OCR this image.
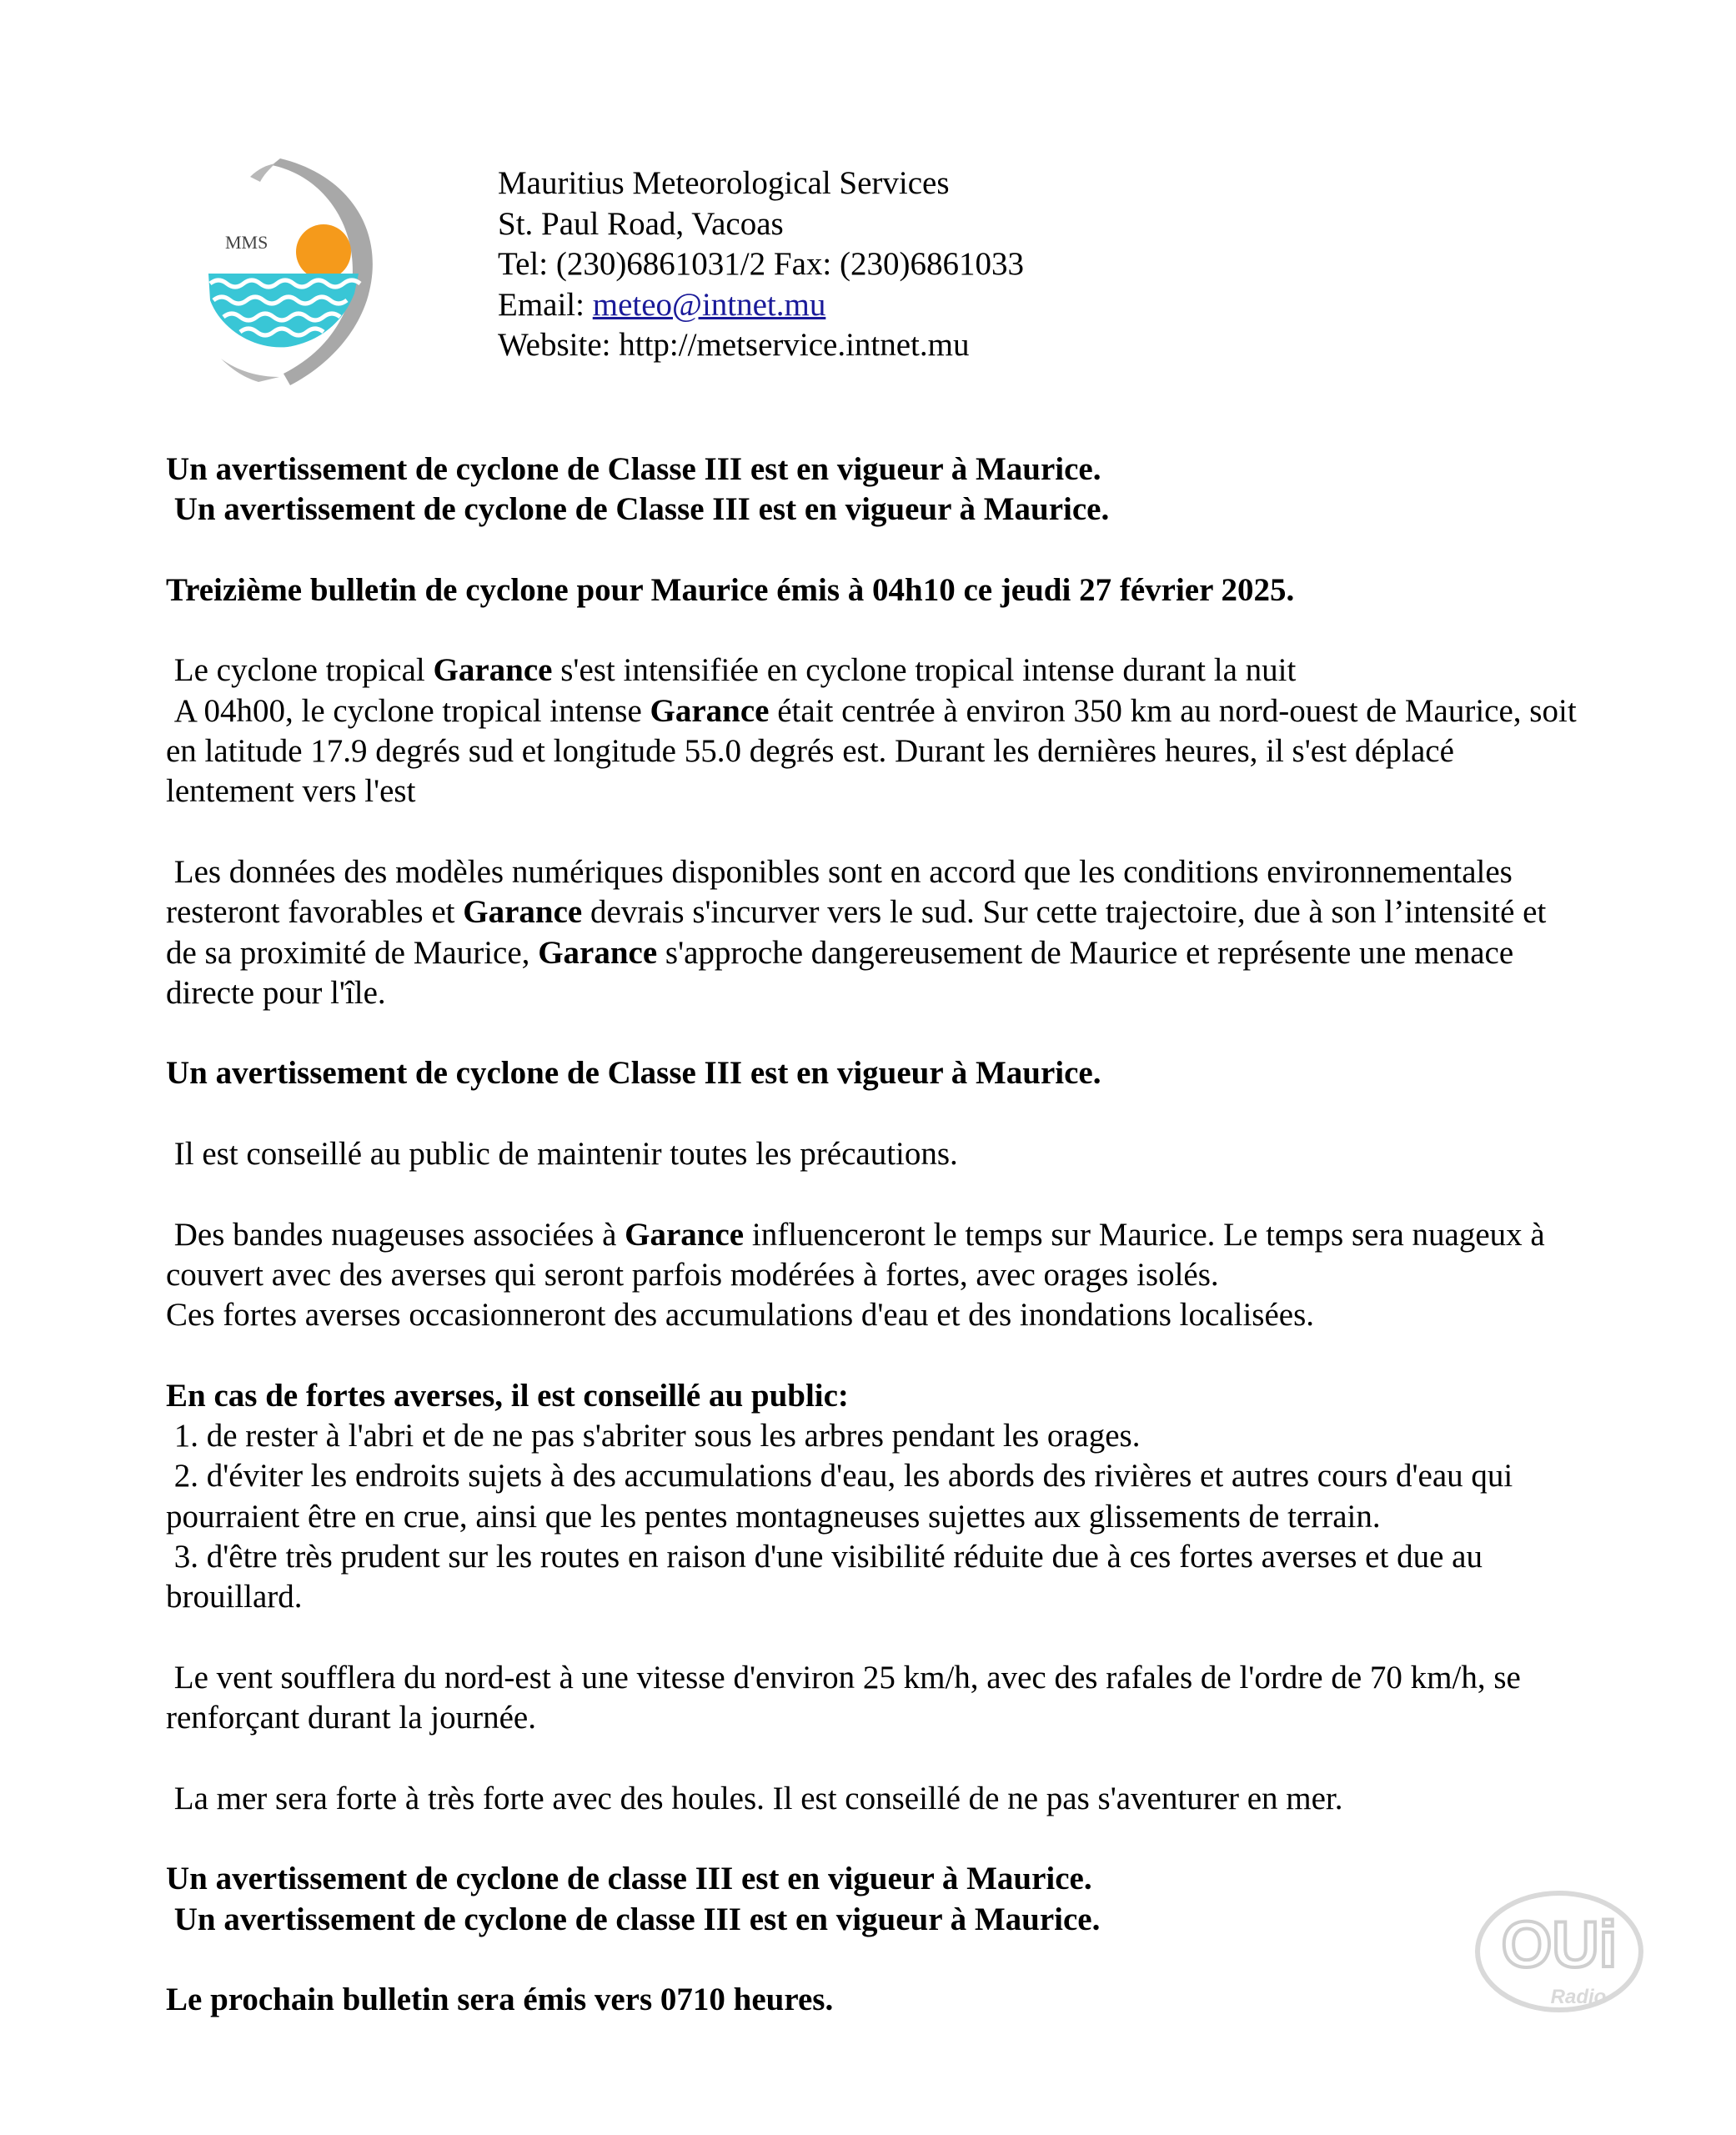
MMS
Mauritius Meteorological Services
St. Paul Road, Vacoas
Tel: (230)6861031/2 Fax: (230)6861033
Email: meteo@intnet.mu
Website: http://metservice.intnet.mu

Un avertissement de cyclone de Classe III est en vigueur à Maurice.

Un avertissement de cyclone de Classe III est en vigueur à Maurice.

Treizième bulletin de cyclone pour Maurice émis à 04h10 ce jeudi 27 février 2025.

Le cyclone tropical Garance s'est intensifiée en cyclone tropical intense durant la nuit
A 04h00, le cyclone tropical intense Garance était centrée à environ 350 km au nord-ouest de Maurice, soit en latitude 17.9 degrés sud et longitude 55.0 degrés est. Durant les dernières heures, il s'est déplacé lentement vers l'est

Les données des modèles numériques disponibles sont en accord que les conditions environnementales resteront favorables et Garance devrais s'incurver vers le sud. Sur cette trajectoire, due à son l’intensité et de sa proximité de Maurice, Garance s'approche dangereusement de Maurice et représente une menace directe pour l'île.

Un avertissement de cyclone de Classe III est en vigueur à Maurice.

Il est conseillé au public de maintenir toutes les précautions.

Des bandes nuageuses associées à Garance influenceront le temps sur Maurice. Le temps sera nuageux à couvert avec des averses qui seront parfois modérées à fortes, avec orages isolés.
Ces fortes averses occasionneront des accumulations d'eau et des inondations localisées.

En cas de fortes averses, il est conseillé au public:

1. de rester à l'abri et de ne pas s'abriter sous les arbres pendant les orages.

2. d'éviter les endroits sujets à des accumulations d'eau, les abords des rivières et autres cours d'eau qui pourraient être en crue, ainsi que les pentes montagneuses sujettes aux glissements de terrain.

3. d'être très prudent sur les routes en raison d'une visibilité réduite due à ces fortes averses et due au brouillard.

Le vent soufflera du nord-est à une vitesse d'environ 25 km/h, avec des rafales de l'ordre de 70 km/h, se renforçant durant la journée.

La mer sera forte à très forte avec des houles. Il est conseillé de ne pas s'aventurer en mer.

Un avertissement de cyclone de classe III est en vigueur à Maurice.

Un avertissement de cyclone de classe III est en vigueur à Maurice.

Le prochain bulletin sera émis vers 0710 heures.

OUi
Radio
